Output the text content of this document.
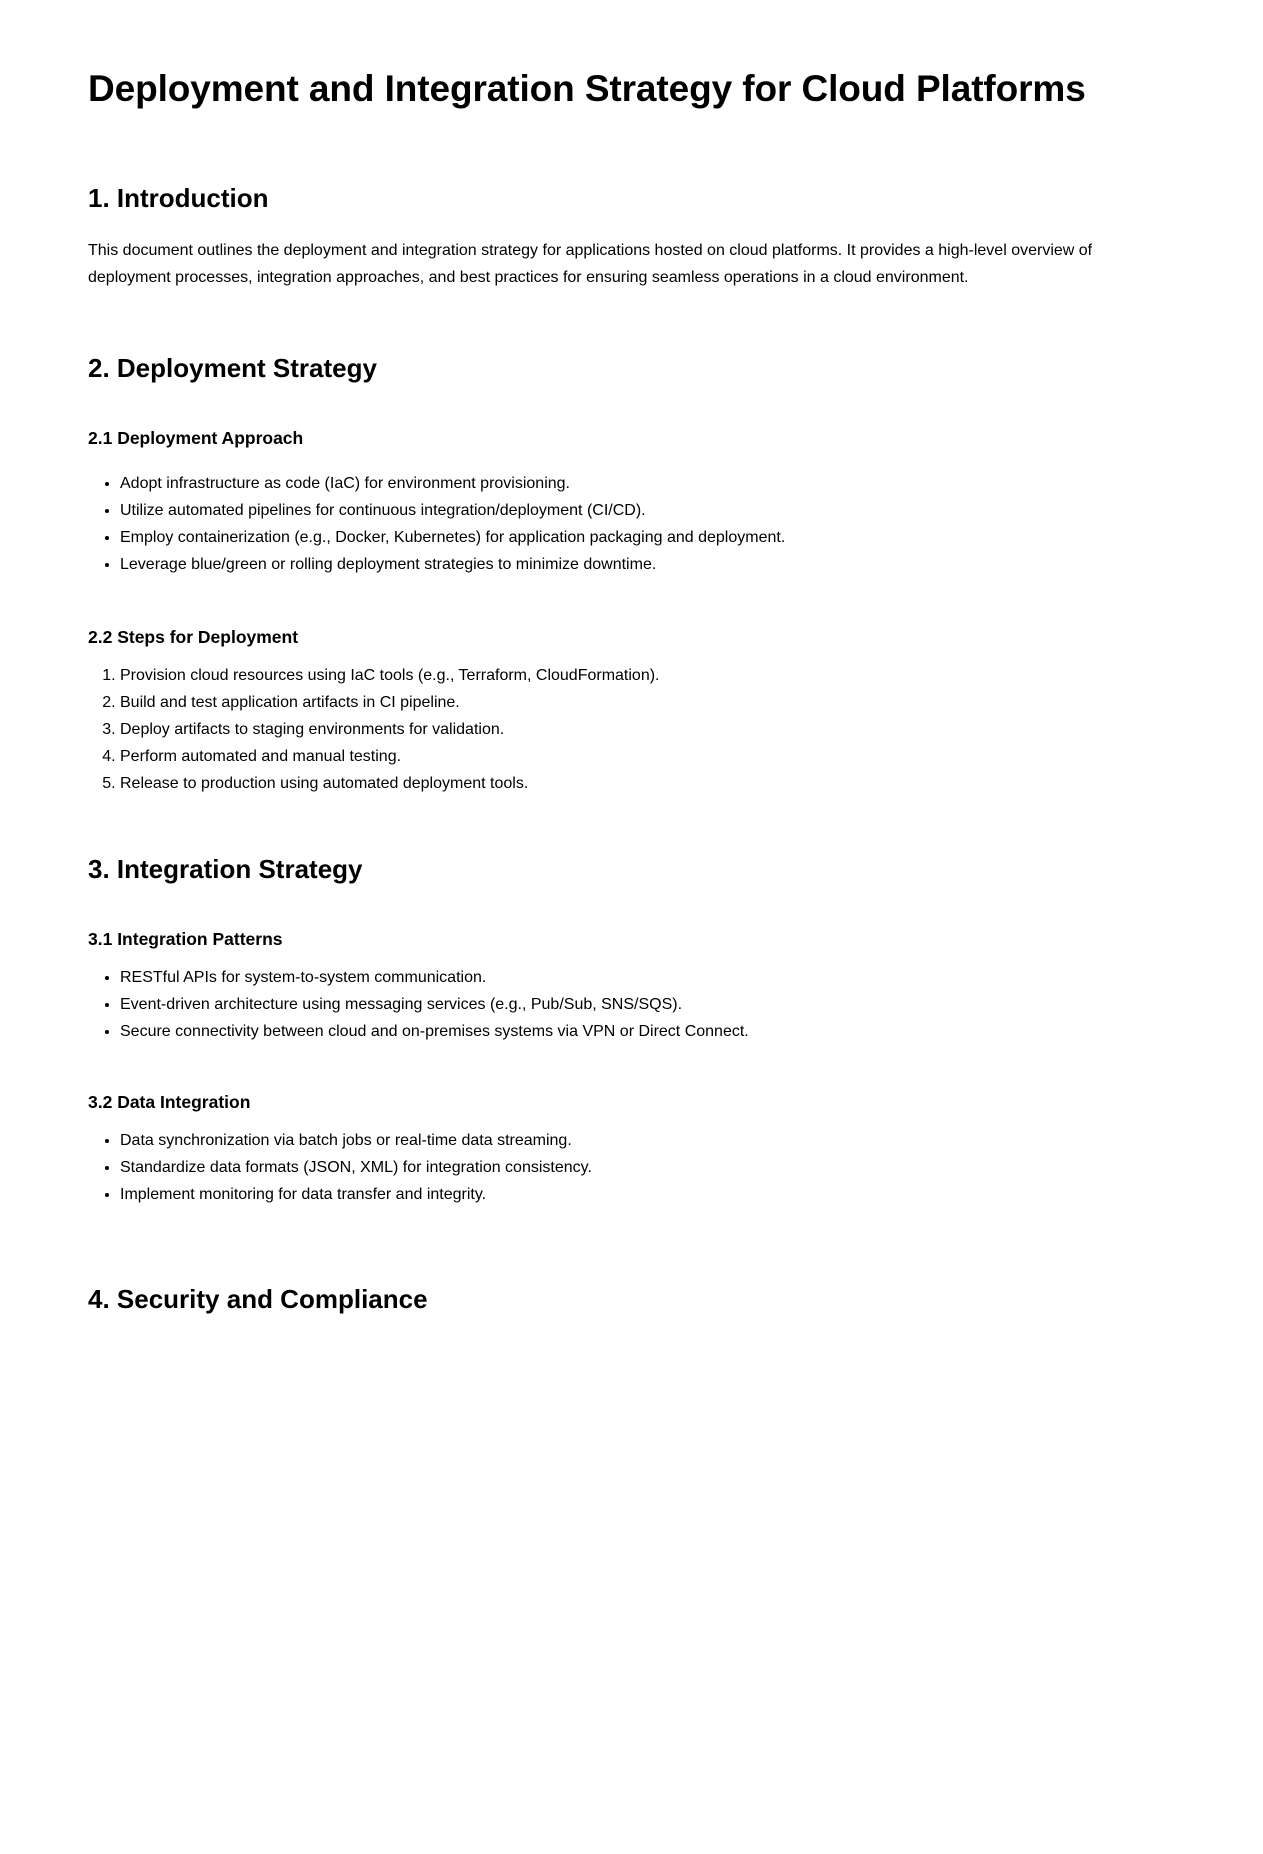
Deployment and Integration Strategy for Cloud Platforms
1. Introduction

This document outlines the deployment and integration strategy for applications hosted on cloud platforms. It provides a high-level overview of deployment processes, integration approaches, and best practices for ensuring seamless operations in a cloud environment.

2. Deployment Strategy
2.1 Deployment Approach
• Adopt infrastructure as code (IaC) for environment provisioning.
• Utilize automated pipelines for continuous integration/deployment (CI/CD).
• Employ containerization (e.g., Docker, Kubernetes) for application packaging and deployment.
• Leverage blue/green or rolling deployment strategies to minimize downtime.
2.2 Steps for Deployment
1. Provision cloud resources using IaC tools (e.g., Terraform, CloudFormation).
2. Build and test application artifacts in CI pipeline.
3. Deploy artifacts to staging environments for validation.
4. Perform automated and manual testing.
5. Release to production using automated deployment tools.
3. Integration Strategy
3.1 Integration Patterns
• RESTful APIs for system-to-system communication.
• Event-driven architecture using messaging services (e.g., Pub/Sub, SNS/SQS).
• Secure connectivity between cloud and on-premises systems via VPN or Direct Connect.
3.2 Data Integration
• Data synchronization via batch jobs or real-time data streaming.
• Standardize data formats (JSON, XML) for integration consistency.
• Implement monitoring for data transfer and integrity.
4. Security and Compliance
